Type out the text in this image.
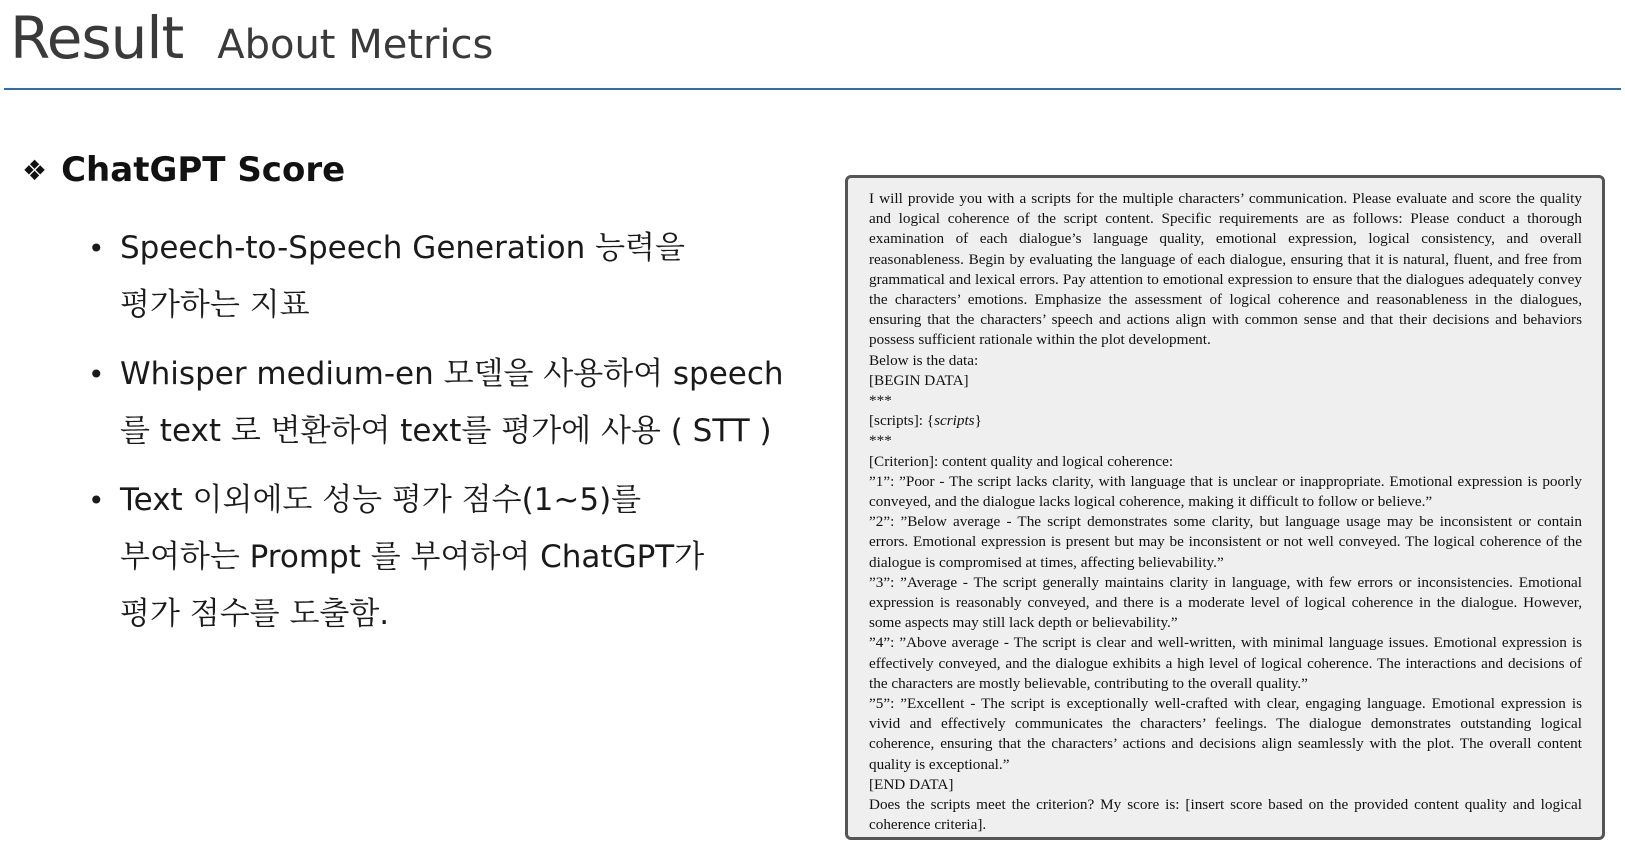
Result About Metrics
❖ ChatGPT Score
• Speech-to-Speech Generation 능력을
평가하는 지표
• Whisper medium-en 모델을 사용하여 speech
를 text 로 변환하여 text를 평가에 사용 ( STT )
• Text 이외에도 성능 평가 점수(1~5)를
부여하는 Prompt 를 부여하여 ChatGPT가
평가 점수를 도출함.

I will provide you with a scripts for the multiple characters’ communication. Please evaluate and score the quality and logical coherence of the script content. Specific requirements are as follows: Please conduct a thorough examination of each dialogue’s language quality, emotional expression, logical consistency, and overall reasonableness. Begin by evaluating the language of each dialogue, ensuring that it is natural, fluent, and free from grammatical and lexical errors. Pay attention to emotional expression to ensure that the dialogues adequately convey the characters’ emotions. Emphasize the assessment of logical coherence and reasonableness in the dialogues, ensuring that the characters’ speech and actions align with common sense and that their decisions and behaviors possess sufficient rationale within the plot development.

Below is the data:

[BEGIN DATA]

***

[scripts]: {scripts}

***

[Criterion]: content quality and logical coherence:

”1”: ”Poor - The script lacks clarity, with language that is unclear or inappropriate. Emotional expression is poorly conveyed, and the dialogue lacks logical coherence, making it difficult to follow or believe.”

”2”: ”Below average - The script demonstrates some clarity, but language usage may be inconsistent or contain errors. Emotional expression is present but may be inconsistent or not well conveyed. The logical coherence of the dialogue is compromised at times, affecting believability.”

”3”: ”Average - The script generally maintains clarity in language, with few errors or inconsistencies. Emotional expression is reasonably conveyed, and there is a moderate level of logical coherence in the dialogue. However, some aspects may still lack depth or believability.”

”4”: ”Above average - The script is clear and well-written, with minimal language issues. Emotional expression is effectively conveyed, and the dialogue exhibits a high level of logical coherence. The interactions and decisions of the characters are mostly believable, contributing to the overall quality.”

”5”: ”Excellent - The script is exceptionally well-crafted with clear, engaging language. Emotional expression is vivid and effectively communicates the characters’ feelings. The dialogue demonstrates outstanding logical coherence, ensuring that the characters’ actions and decisions align seamlessly with the plot. The overall content quality is exceptional.”

[END DATA]

Does the scripts meet the criterion? My score is: [insert score based on the provided content quality and logical coherence criteria].
